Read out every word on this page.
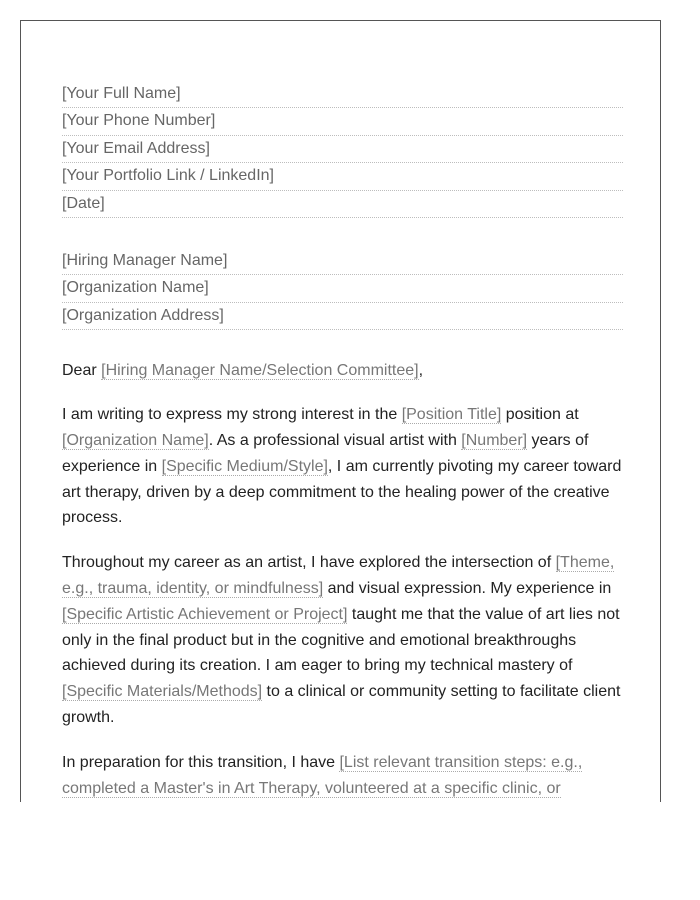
[Your Full Name]
[Your Phone Number]
[Your Email Address]
[Your Portfolio Link / LinkedIn]
[Date]
[Hiring Manager Name]
[Organization Name]
[Organization Address]

Dear [Hiring Manager Name/Selection Committee],

I am writing to express my strong interest in the [Position Title] position at [Organization Name]. As a professional visual artist with [Number] years of experience in [Specific Medium/Style], I am currently pivoting my career toward art therapy, driven by a deep commitment to the healing power of the creative process.

Throughout my career as an artist, I have explored the intersection of [Theme, e.g., trauma, identity, or mindfulness] and visual expression. My experience in [Specific Artistic Achievement or Project] taught me that the value of art lies not only in the final product but in the cognitive and emotional breakthroughs achieved during its creation. I am eager to bring my technical mastery of [Specific Materials/Methods] to a clinical or community setting to facilitate client growth.

In preparation for this transition, I have [List relevant transition steps: e.g., completed a Master's in Art Therapy, volunteered at a specific clinic, or
